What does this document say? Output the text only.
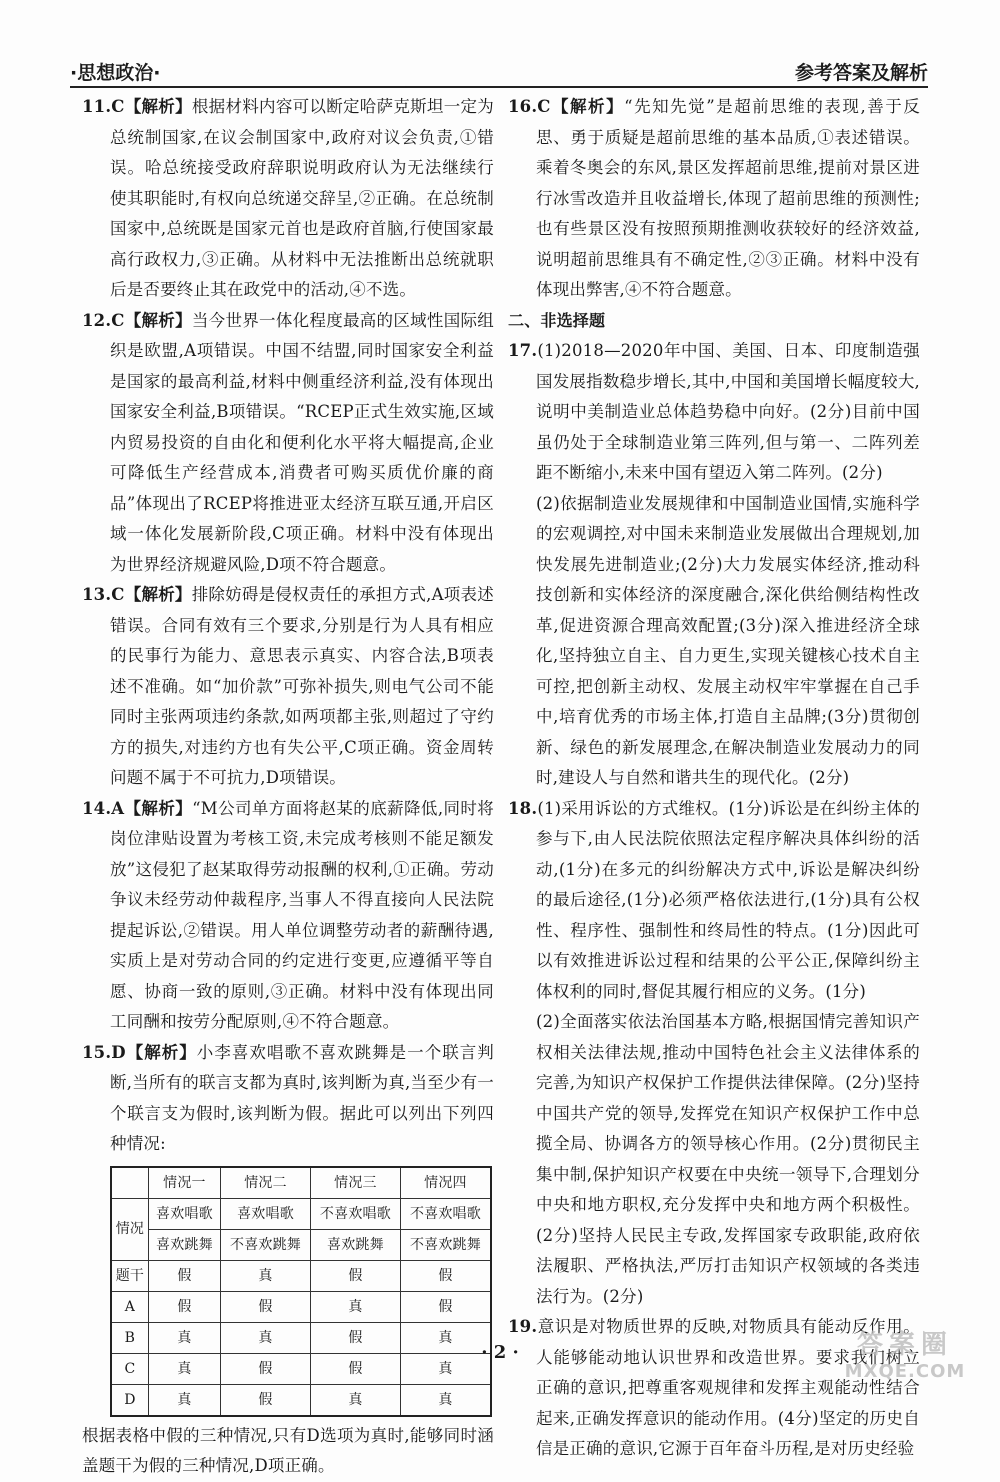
·思想政治·	参考答案及解析

11.C【解析】根据材料内容可以断定哈萨克斯坦一定为总统制国家,在议会制国家中,政府对议会负责,①错误。哈总统接受政府辞职说明政府认为无法继续行使其职能时,有权向总统递交辞呈,②正确。在总统制国家中,总统既是国家元首也是政府首脑,行使国家最高行政权力,③正确。从材料中无法推断出总统就职后是否要终止其在政党中的活动,④不选。

12.C【解析】当今世界一体化程度最高的区域性国际组织是欧盟,A项错误。中国不结盟,同时国家安全利益是国家的最高利益,材料中侧重经济利益,没有体现出国家安全利益,B项错误。“RCEP正式生效实施,区域内贸易投资的自由化和便利化水平将大幅提高,企业可降低生产经营成本,消费者可购买质优价廉的商品”体现出了RCEP将推进亚太经济互联互通,开启区域一体化发展新阶段,C项正确。材料中没有体现出为世界经济规避风险,D项不符合题意。

13.C【解析】排除妨碍是侵权责任的承担方式,A项表述错误。合同有效有三个要求,分别是行为人具有相应的民事行为能力、意思表示真实、内容合法,B项表述不准确。如“加价款”可弥补损失,则电气公司不能同时主张两项违约条款,如两项都主张,则超过了守约方的损失,对违约方也有失公平,C项正确。资金周转问题不属于不可抗力,D项错误。

14.A【解析】“M公司单方面将赵某的底薪降低,同时将岗位津贴设置为考核工资,未完成考核则不能足额发放”这侵犯了赵某取得劳动报酬的权利,①正确。劳动争议未经劳动仲裁程序,当事人不得直接向人民法院提起诉讼,②错误。用人单位调整劳动者的薪酬待遇,实质上是对劳动合同的约定进行变更,应遵循平等自愿、协商一致的原则,③正确。材料中没有体现出同工同酬和按劳分配原则,④不符合题意。

15.D【解析】小李喜欢唱歌不喜欢跳舞是一个联言判断,当所有的联言支都为真时,该判断为真,当至少有一个联言支为假时,该判断为假。据此可以列出下列四种情况:

	情况一	情况二	情况三	情况四
情况	喜欢唱歌	喜欢唱歌	不喜欢唱歌	不喜欢唱歌
	喜欢跳舞	不喜欢跳舞	喜欢跳舞	不喜欢跳舞
题干	假	真	假	假
A	假	假	真	假
B	真	真	假	真
C	真	假	假	真
D	真	假	真	真

根据表格中假的三种情况,只有D选项为真时,能够同时涵盖题干为假的三种情况,D项正确。

16.C【解析】“先知先觉”是超前思维的表现,善于反思、勇于质疑是超前思维的基本品质,①表述错误。乘着冬奥会的东风,景区发挥超前思维,提前对景区进行冰雪改造并且收益增长,体现了超前思维的预测性;也有些景区没有按照预期推测收获较好的经济效益,说明超前思维具有不确定性,②③正确。材料中没有体现出弊害,④不符合题意。

二、非选择题

17.(1)2018—2020年中国、美国、日本、印度制造强国发展指数稳步增长,其中,中国和美国增长幅度较大,说明中美制造业总体趋势稳中向好。(2分)目前中国虽仍处于全球制造业第三阵列,但与第一、二阵列差距不断缩小,未来中国有望迈入第二阵列。(2分)

(2)依据制造业发展规律和中国制造业国情,实施科学的宏观调控,对中国未来制造业发展做出合理规划,加快发展先进制造业;(2分)大力发展实体经济,推动科技创新和实体经济的深度融合,深化供给侧结构性改革,促进资源合理高效配置;(3分)深入推进经济全球化,坚持独立自主、自力更生,实现关键核心技术自主可控,把创新主动权、发展主动权牢牢掌握在自己手中,培育优秀的市场主体,打造自主品牌;(3分)贯彻创新、绿色的新发展理念,在解决制造业发展动力的同时,建设人与自然和谐共生的现代化。(2分)

18.(1)采用诉讼的方式维权。(1分)诉讼是在纠纷主体的参与下,由人民法院依照法定程序解决具体纠纷的活动,(1分)在多元的纠纷解决方式中,诉讼是解决纠纷的最后途径,(1分)必须严格依法进行,(1分)具有公权性、程序性、强制性和终局性的特点。(1分)因此可以有效推进诉讼过程和结果的公平公正,保障纠纷主体权利的同时,督促其履行相应的义务。(1分)

(2)全面落实依法治国基本方略,根据国情完善知识产权相关法律法规,推动中国特色社会主义法律体系的完善,为知识产权保护工作提供法律保障。(2分)坚持中国共产党的领导,发挥党在知识产权保护工作中总揽全局、协调各方的领导核心作用。(2分)贯彻民主集中制,保护知识产权要在中央统一领导下,合理划分中央和地方职权,充分发挥中央和地方两个积极性。(2分)坚持人民民主专政,发挥国家专政职能,政府依法履职、严格执法,严厉打击知识产权领域的各类违法行为。(2分)

19.意识是对物质世界的反映,对物质具有能动反作用。人能够能动地认识世界和改造世界。要求我们树立正确的意识,把尊重客观规律和发挥主观能动性结合起来,正确发挥意识的能动作用。(4分)坚定的历史自信是正确的意识,它源于百年奋斗历程,是对历史经验

· 2 ·	答案圈
MXQE.COM
